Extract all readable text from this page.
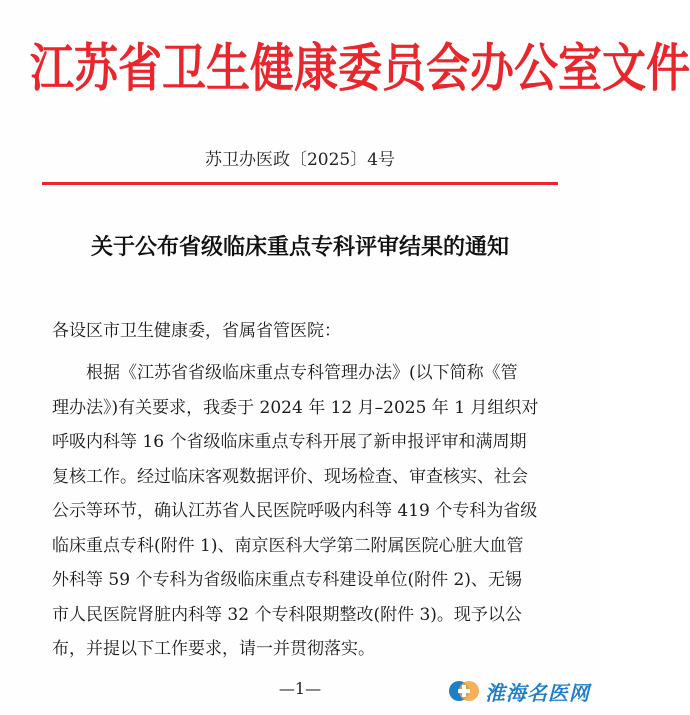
江苏省卫生健康委员会办公室文件
苏卫办医政〔2025〕4号
关于公布省级临床重点专科评审结果的通知
各设区市卫生健康委，省属省管医院：
根据《江苏省省级临床重点专科管理办法》(以下简称《管
理办法》)有关要求，我委于 2024 年 12 月–2025 年 1 月组织对
呼吸内科等 16 个省级临床重点专科开展了新申报评审和满周期
复核工作。经过临床客观数据评价、现场检查、审查核实、社会
公示等环节，确认江苏省人民医院呼吸内科等 419 个专科为省级
临床重点专科(附件 1)、南京医科大学第二附属医院心脏大血管
外科等 59 个专科为省级临床重点专科建设单位(附件 2)、无锡
市人民医院肾脏内科等 32 个专科限期整改(附件 3)。现予以公
布，并提以下工作要求，请一并贯彻落实。
—1—	淮海名医网
